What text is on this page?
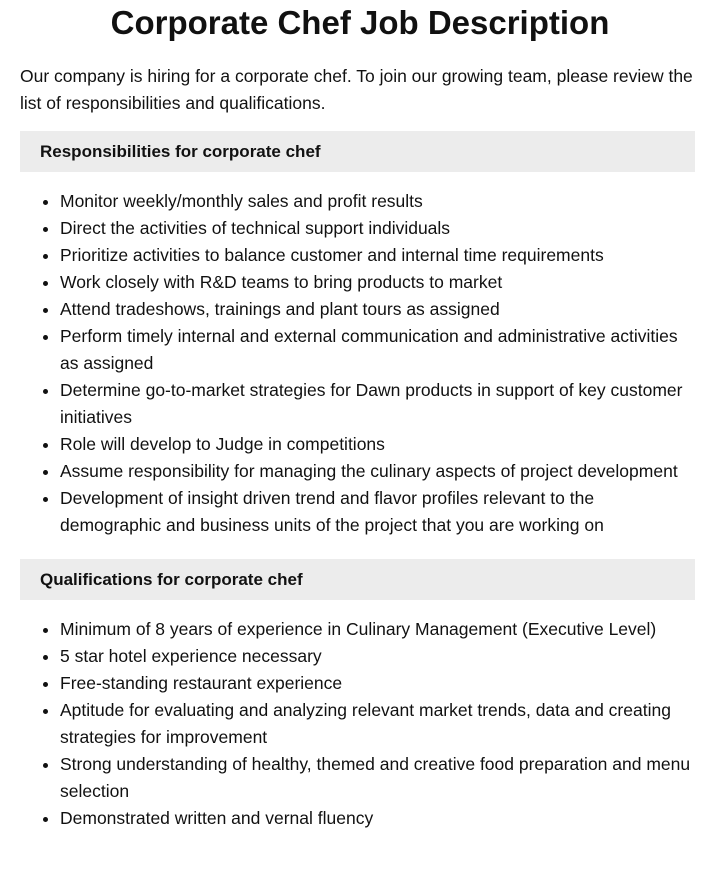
Corporate Chef Job Description

Our company is hiring for a corporate chef. To join our growing team, please review the list of responsibilities and qualifications.

Responsibilities for corporate chef
• Monitor weekly/monthly sales and profit results
• Direct the activities of technical support individuals
• Prioritize activities to balance customer and internal time requirements
• Work closely with R&D teams to bring products to market
• Attend tradeshows, trainings and plant tours as assigned
• Perform timely internal and external communication and administrative activities as assigned
• Determine go-to-market strategies for Dawn products in support of key customer initiatives
• Role will develop to Judge in competitions
• Assume responsibility for managing the culinary aspects of project development
• Development of insight driven trend and flavor profiles relevant to the demographic and business units of the project that you are working on
Qualifications for corporate chef
• Minimum of 8 years of experience in Culinary Management (Executive Level)
• 5 star hotel experience necessary
• Free-standing restaurant experience
• Aptitude for evaluating and analyzing relevant market trends, data and creating strategies for improvement
• Strong understanding of healthy, themed and creative food preparation and menu selection
• Demonstrated written and vernal fluency
